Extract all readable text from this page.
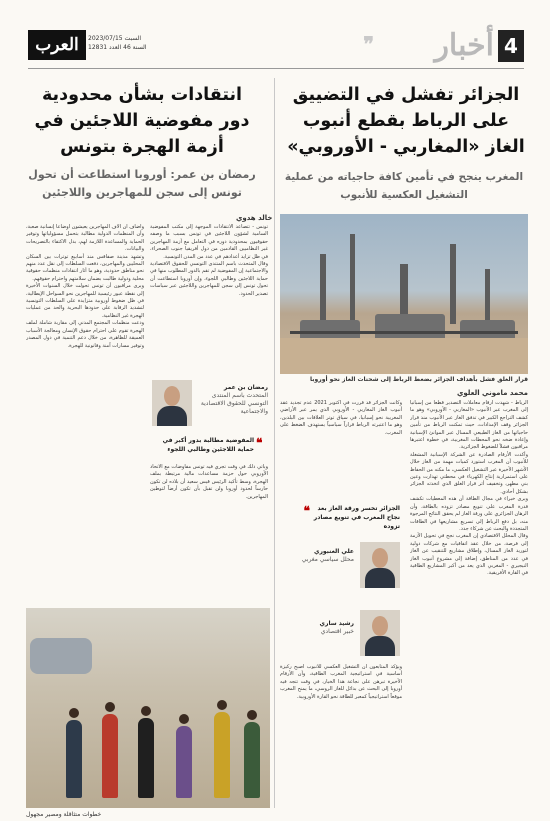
4
أخبار
❞
السبت 2023/07/15
السنة 46 العدد 12831
العرب
الجزائر تفشل في التضييق على الرباط بقطع أنبوب الغاز «المغاربي - الأوروبي»
المغرب ينجح في تأمين كافة حاجياته من عملية التشغيل العكسية للأنبوب
انتقادات بشأن محدودية دور مفوضية اللاجئين في أزمة الهجرة بتونس
رمضان بن عمر: أوروبا استطاعت أن تحول تونس إلى سجن للمهاجرين واللاجئين
قرار الغلق فشل بأهداف الجزائر بضغط الرباط إلى شحنات الغاز نحو أوروبا
محمد ماموني العلوي

الرباط - شهدت أرقام معاملات التصدير قطعاً من إسبانيا إلى المغرب عبر الأنبوب «المغاربي - الأوروبي» وهو ما كشف التراجع الكبير في تدفق الغاز عبر الأنبوب منذ قرار الجزائر وقف الإمدادات، حيث تمكنت الرباط من تأمين حاجياتها من الغاز الطبيعي المسال عبر الموانئ الإسبانية وإعادة ضخه نحو المحطات المغربية، في خطوة اعتبرها مراقبون فشلاً للضغوط الجزائرية.

وأكدت الأرقام الصادرة عن الشركة الإسبانية المشغلة للأنبوب أن المغرب استورد كميات مهمة من الغاز خلال الأشهر الأخيرة عبر التشغيل العكسي، ما مكنه من الحفاظ على استمرارية إنتاج الكهرباء في محطتي تهدارت وعين بني مطهر، وتخفيف أثر قرار الغلق الذي اتخذته الجزائر بشكل أحادي.

ويرى خبراء في مجال الطاقة أن هذه المعطيات تكشف قدرة المغرب على تنويع مصادر تزوده بالطاقة، وأن الرهان الجزائري على ورقة الغاز لم يحقق النتائج المرجوة منه، بل دفع الرباط إلى تسريع مشاريعها في الطاقات المتجددة والبحث عن شركاء جدد.

وقال المحلل الاقتصادي إن المغرب نجح في تحويل الأزمة إلى فرصة، من خلال عقد اتفاقيات مع شركات دولية لتوريد الغاز المسال، وإطلاق مشاريع للتنقيب عن الغاز في عدد من المناطق، إضافة إلى مشروع أنبوب الغاز النيجيري - المغربي الذي يعد من أكبر المشاريع الطاقية في القارة الأفريقية.

وكانت الجزائر قد قررت في أكتوبر 2021 عدم تجديد عقد أنبوب الغاز المغاربي - الأوروبي الذي يمر عبر الأراضي المغربية نحو إسبانيا، في سياق توتر العلاقات بين البلدين، وهو ما اعتبرته الرباط قراراً سياسياً يستهدف الضغط على المغرب.

علي الغنبوري
محلل سياسي مغربي
❝	الجزائر تخسر ورقة الغاز بعد نجاح المغرب في تنويع مصادر تزوده
رشيد ساري
خبير اقتصادي

ويؤكد المتابعون أن التشغيل العكسي للأنبوب أصبح ركيزة أساسية في استراتيجية المغرب الطاقية، وأن الأرقام الأخيرة تبرهن على نجاعة هذا الخيار، في وقت تتجه فيه أوروبا إلى البحث عن بدائل للغاز الروسي، ما يمنح المغرب موقعاً استراتيجياً كمعبر للطاقة نحو القارة الأوروبية.

خالد هدوي

تونس - تتصاعد الانتقادات الموجهة إلى مكتب المفوضية السامية لشؤون اللاجئين في تونس بسبب ما وصفه حقوقيون بمحدودية دوره في التعامل مع أزمة المهاجرين غير النظاميين القادمين من دول أفريقيا جنوب الصحراء، في ظل تزايد أعدادهم في عدد من المدن التونسية.

وقال المتحدث باسم المنتدى التونسي للحقوق الاقتصادية والاجتماعية إن المفوضية لم تقم بالدور المطلوب منها في حماية اللاجئين وطالبي اللجوء، وإن أوروبا استطاعت أن تحول تونس إلى سجن للمهاجرين واللاجئين عبر سياسات تصدير الحدود.

وأضاف أن آلاف المهاجرين يعيشون أوضاعاً إنسانية صعبة، وأن المنظمات الدولية مطالبة بتحمل مسؤولياتها وتوفير الحماية والمساعدة اللازمة لهم، بدل الاكتفاء بالتصريحات والبيانات.

وتشهد مدينة صفاقس منذ أسابيع توترات بين السكان المحليين والمهاجرين، دفعت السلطات إلى نقل عدد منهم نحو مناطق حدودية، وهو ما أثار انتقادات منظمات حقوقية محلية ودولية طالبت بضمان سلامتهم واحترام حقوقهم.

ويرى مراقبون أن تونس تحولت خلال السنوات الأخيرة إلى نقطة عبور رئيسية للمهاجرين نحو السواحل الإيطالية، في ظل ضغوط أوروبية متزايدة على السلطات التونسية لتشديد الرقابة على حدودها البحرية والحد من عمليات الهجرة غير النظامية.

ودعت منظمات المجتمع المدني إلى مقاربة شاملة لملف الهجرة تقوم على احترام حقوق الإنسان ومعالجة الأسباب العميقة للظاهرة، من خلال دعم التنمية في دول المصدر وتوفير مسارات آمنة وقانونية للهجرة.

رمضان بن عمر
المتحدث باسم المنتدى التونسي للحقوق الاقتصادية والاجتماعية
❝
المفوضية مطالبة بدور أكبر في حماية اللاجئين وطالبي اللجوء

ويأتي ذلك في وقت تجري فيه تونس مفاوضات مع الاتحاد الأوروبي حول حزمة مساعدات مالية مرتبطة بملف الهجرة، وسط تأكيد الرئيس قيس سعيد أن بلاده لن تكون حارساً لحدود أوروبا ولن تقبل بأن تكون أرضاً لتوطين المهاجرين.

خطوات متثاقلة ومصير مجهول
